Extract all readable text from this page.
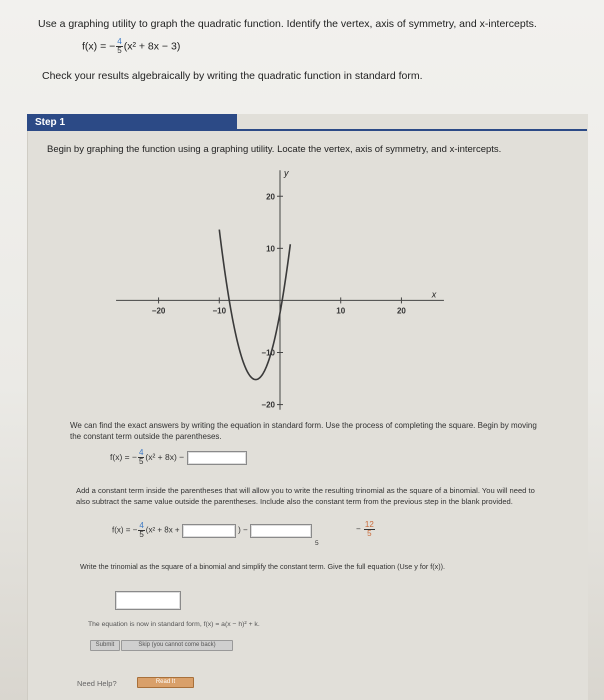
Use a graphing utility to graph the quadratic function. Identify the vertex, axis of symmetry, and x-intercepts.
f(x) = − $\frac{4}{5} (x^2 + 8x - 3)$
Check your results algebraically by writing the quadratic function in standard form.
Step 1
Begin by graphing the function using a graphing utility. Locate the vertex, axis of symmetry, and x-intercepts.
x
y
−20	−10	10	20
20
10
−10
−20
We can find the exact answers by writing the equation in standard form. Use the process of completing the square. Begin by moving the constant term outside the parentheses.
f(x) = − $\frac{4}{5} (x^2 + 8x)$ −
Add a constant term inside the parentheses that will allow you to write the resulting trinomial as the square of a binomial. You will need to also subtract the same value outside the parentheses. Include also the constant term from the previous step in the blank provided.
f(x) = − $\frac{4}{5} (x^2 + 8x$ +	) −
5
− $\frac{12}{5}$
Write the trinomial as the square of a binomial and simplify the constant term. Give the full equation (Use y for f(x)).
The equation is now in standard form, f(x) = a(x − h)² + k.
Submit	Skip (you cannot come back)
Need Help?	Read It
